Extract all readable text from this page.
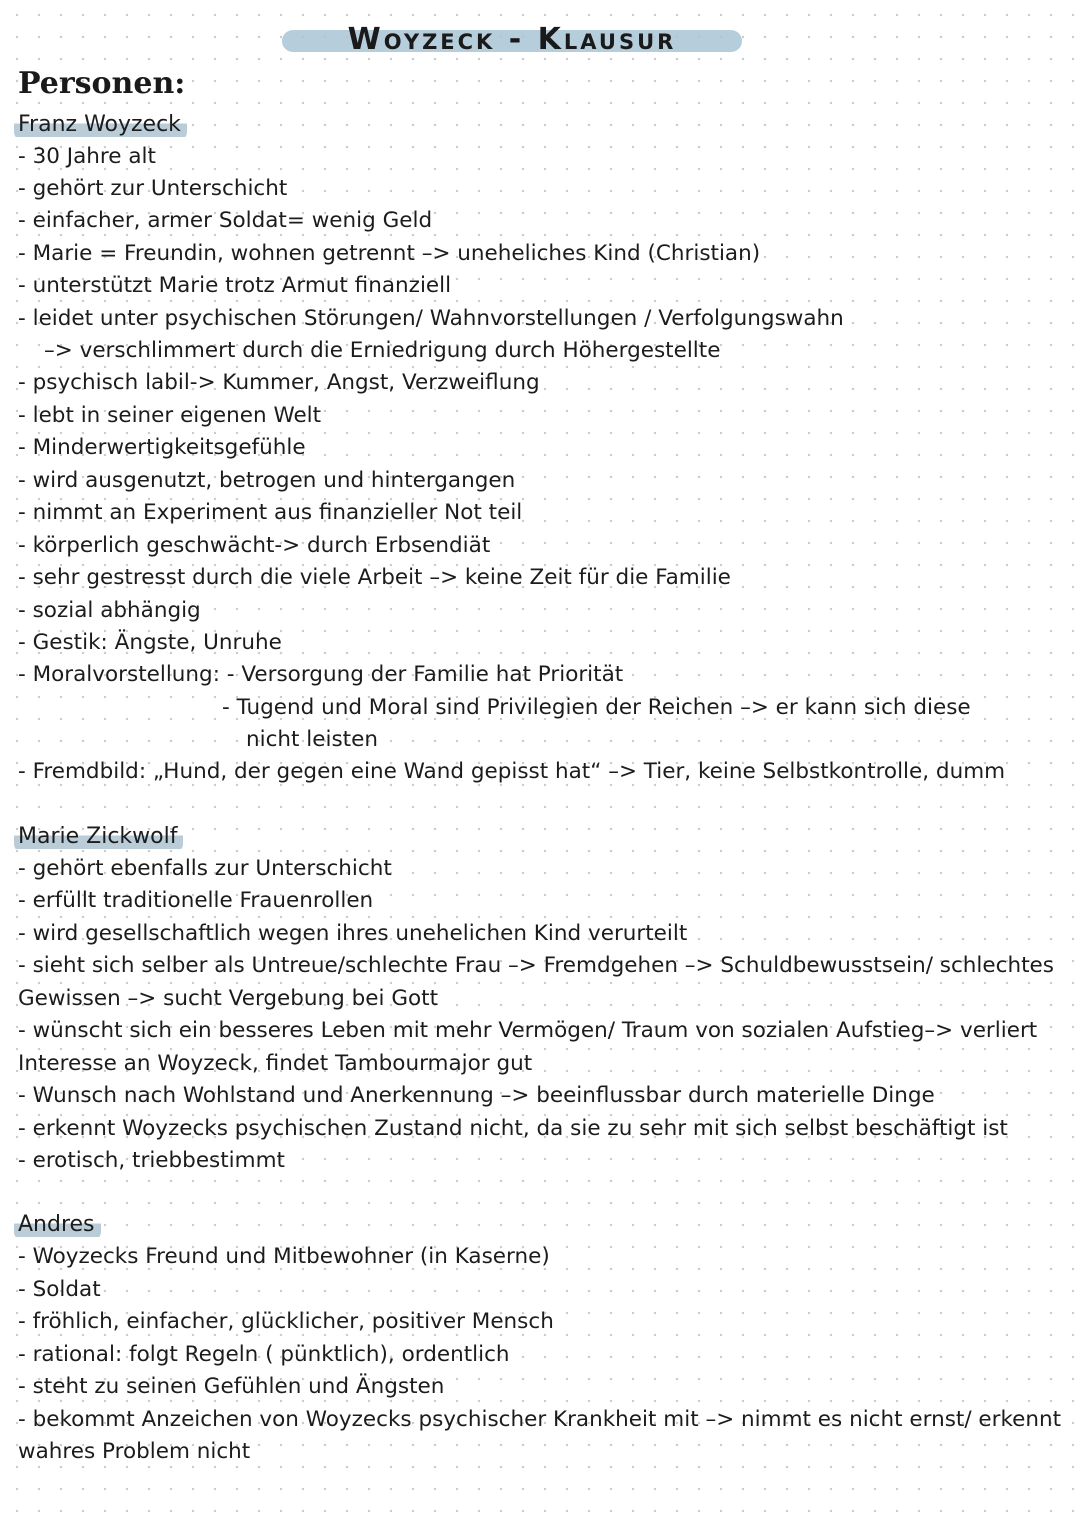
Woyzeck - Klausur
Personen:
Franz Woyzeck
- 30 Jahre alt
- gehört zur Unterschicht
- einfacher, armer Soldat= wenig Geld
- Marie = Freundin, wohnen getrennt –> uneheliches Kind (Christian)
- unterstützt Marie trotz Armut finanziell
- leidet unter psychischen Störungen/ Wahnvorstellungen / Verfolgungswahn
–> verschlimmert durch die Erniedrigung durch Höhergestellte
- psychisch labil-> Kummer, Angst, Verzweiflung
- lebt in seiner eigenen Welt
- Minderwertigkeitsgefühle
- wird ausgenutzt, betrogen und hintergangen
- nimmt an Experiment aus finanzieller Not teil
- körperlich geschwächt-> durch Erbsendiät
- sehr gestresst durch die viele Arbeit –> keine Zeit für die Familie
- sozial abhängig
- Gestik: Ängste, Unruhe
- Moralvorstellung: - Versorgung der Familie hat Priorität
- Tugend und Moral sind Privilegien der Reichen –> er kann sich diese
nicht leisten
- Fremdbild: „Hund, der gegen eine Wand gepisst hat“ –> Tier, keine Selbstkontrolle, dumm
Marie Zickwolf
- gehört ebenfalls zur Unterschicht
- erfüllt traditionelle Frauenrollen
- wird gesellschaftlich wegen ihres unehelichen Kind verurteilt
- sieht sich selber als Untreue/schlechte Frau –> Fremdgehen –> Schuldbewusstsein/ schlechtes
Gewissen –> sucht Vergebung bei Gott
- wünscht sich ein besseres Leben mit mehr Vermögen/ Traum von sozialen Aufstieg–> verliert
Interesse an Woyzeck, findet Tambourmajor gut
- Wunsch nach Wohlstand und Anerkennung –> beeinflussbar durch materielle Dinge
- erkennt Woyzecks psychischen Zustand nicht, da sie zu sehr mit sich selbst beschäftigt ist
- erotisch, triebbestimmt
Andres
- Woyzecks Freund und Mitbewohner (in Kaserne)
- Soldat
- fröhlich, einfacher, glücklicher, positiver Mensch
- rational: folgt Regeln ( pünktlich), ordentlich
- steht zu seinen Gefühlen und Ängsten
- bekommt Anzeichen von Woyzecks psychischer Krankheit mit –> nimmt es nicht ernst/ erkennt
wahres Problem nicht
